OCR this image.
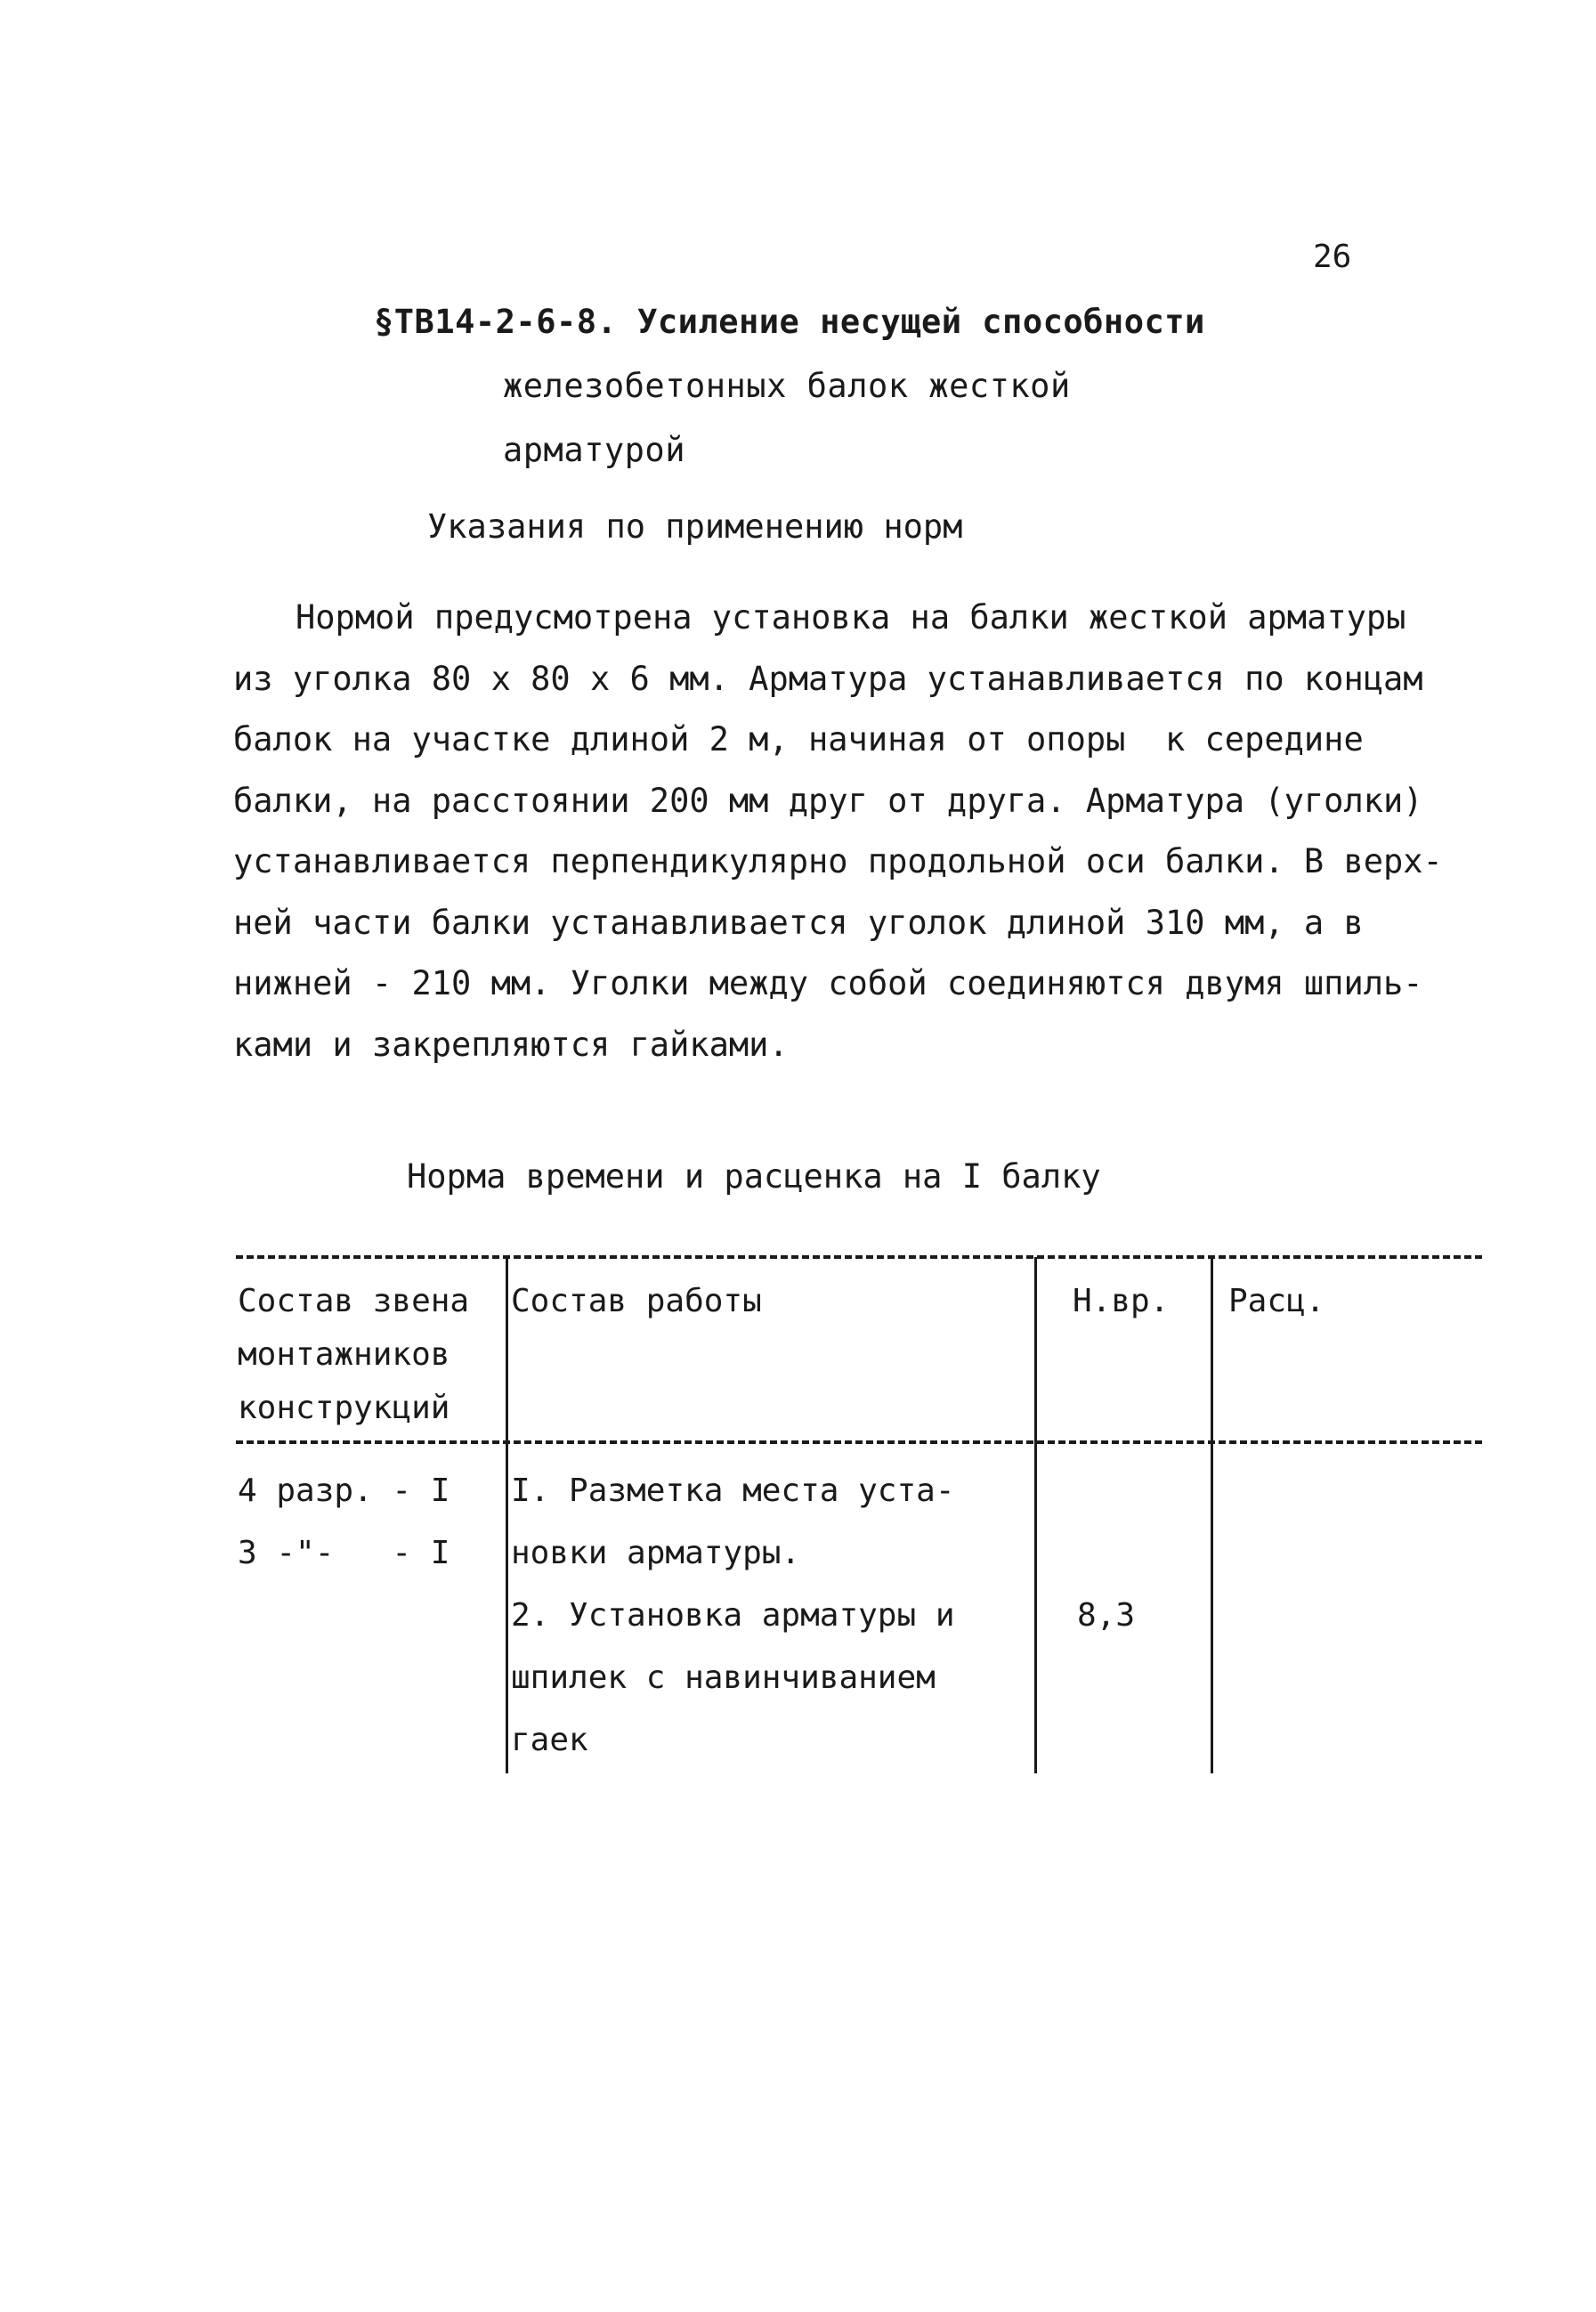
26
§ТВ14-2-6-8. Усиление несущей способности
железобетонных балок жесткой
арматурой
Указания по применению норм
Нормой предусмотрена установка на балки жесткой арматуры
из уголка 80 х 80 х 6 мм. Арматура устанавливается по концам
балок на участке длиной 2 м, начиная от опоры  к середине
балки, на расстоянии 200 мм друг от друга. Арматура (уголки)
устанавливается перпендикулярно продольной оси балки. В верх-
ней части балки устанавливается уголок длиной 310 мм, а в
нижней - 210 мм. Уголки между собой соединяются двумя шпиль-
ками и закрепляются гайками.
Норма времени и расценка на I балку
Состав звена
монтажников
конструкций
Состав работы	Н.вр. Расц.
4 разр. - I
3 -"-   - I
I. Разметка места уста-
новки арматуры.
2. Установка арматуры и
шпилек с навинчиванием
гаек
8,3
